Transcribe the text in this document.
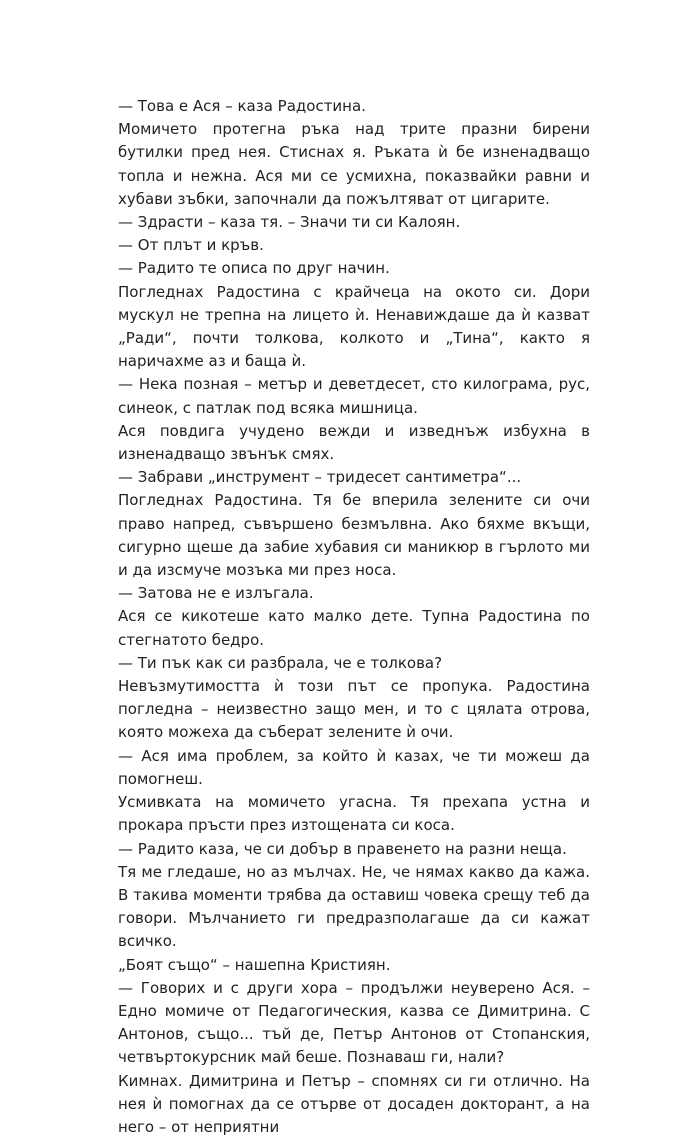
— Това е Ася – каза Радостина.

Момичето протегна ръка над трите празни бирени бутилки пред нея. Стиснах я. Ръката ѝ бе изненадващо топла и нежна. Ася ми се усмихна, показвайки равни и хубави зъбки, започнали да пожълтяват от цигарите.

— Здрасти – каза тя. – Значи ти си Калоян.

— От плът и кръв.

— Радито те описа по друг начин.

Погледнах Радостина с крайчеца на окото си. Дори мускул не трепна на лицето ѝ. Ненавиждаше да ѝ казват „Ради“, почти толкова, колкото и „Тина“, както я наричахме аз и баща ѝ.

— Нека позная – метър и деветдесет, сто килограма, рус, синеок, с патлак под всяка мишница.

Ася повдига учудено вежди и изведнъж избухна в изненадващо звънък смях.

— Забрави „инструмент – тридесет сантиметра“...

Погледнах Радостина. Тя бе вперила зелените си очи право напред, съвършено безмълвна. Ако бяхме вкъщи, сигурно щеше да забие хубавия си маникюр в гърлото ми и да изсмуче мозъка ми през носа.

— Затова не е излъгала.

Ася се кикотеше като малко дете. Тупна Радостина по стегнатото бедро.

— Ти пък как си разбрала, че е толкова?

Невъзмутимостта ѝ този път се пропука. Радостина погледна – неизвестно защо мен, и то с цялата отрова, която можеха да съберат зелените ѝ очи.

— Ася има проблем, за който ѝ казах, че ти можеш да помогнеш.

Усмивката на момичето угасна. Тя прехапа устна и прокара пръсти през изтощената си коса.

— Радито каза, че си добър в правенето на разни неща.

Тя ме гледаше, но аз мълчах. Не, че нямах какво да кажа. В такива моменти трябва да оставиш човека срещу теб да говори. Мълчанието ги предразполагаше да си кажат всичко.

„Боят също“ – нашепна Кристиян.

— Говорих и с други хора – продължи неуверено Ася. – Едно момиче от Педагогическия, казва се Димитрина. С Антонов, също... тъй де, Петър Антонов от Стопанския, четвъртокурсник май беше. Познаваш ги, нали?

Кимнах. Димитрина и Петър – спомнях си ги отлично. На нея ѝ помогнах да се отърве от досаден докторант, а на него – от неприятни
